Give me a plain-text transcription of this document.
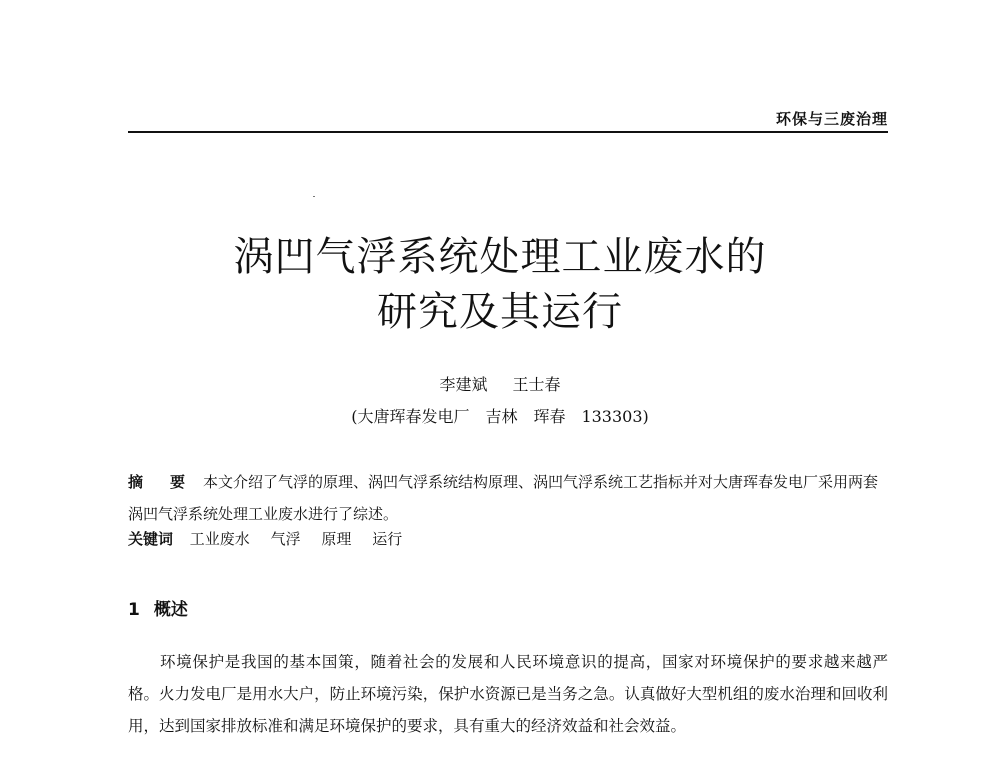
环保与三废治理
涡凹气浮系统处理工业废水的
研究及其运行
李建斌 王士春
(大唐珲春发电厂　吉林　珲春　133303)
摘　要 本文介绍了气浮的原理、涡凹气浮系统结构原理、涡凹气浮系统工艺指标并对大唐珲春发电厂采用两套涡凹气浮系统处理工业废水进行了综述。
关键词 工业废水 气浮 原理 运行
1 概述

环境保护是我国的基本国策，随着社会的发展和人民环境意识的提高，国家对环境保护的要求越来越严格。火力发电厂是用水大户，防止环境污染，保护水资源已是当务之急。认真做好大型机组的废水治理和回收利用，达到国家排放标准和满足环境保护的要求，具有重大的经济效益和社会效益。
